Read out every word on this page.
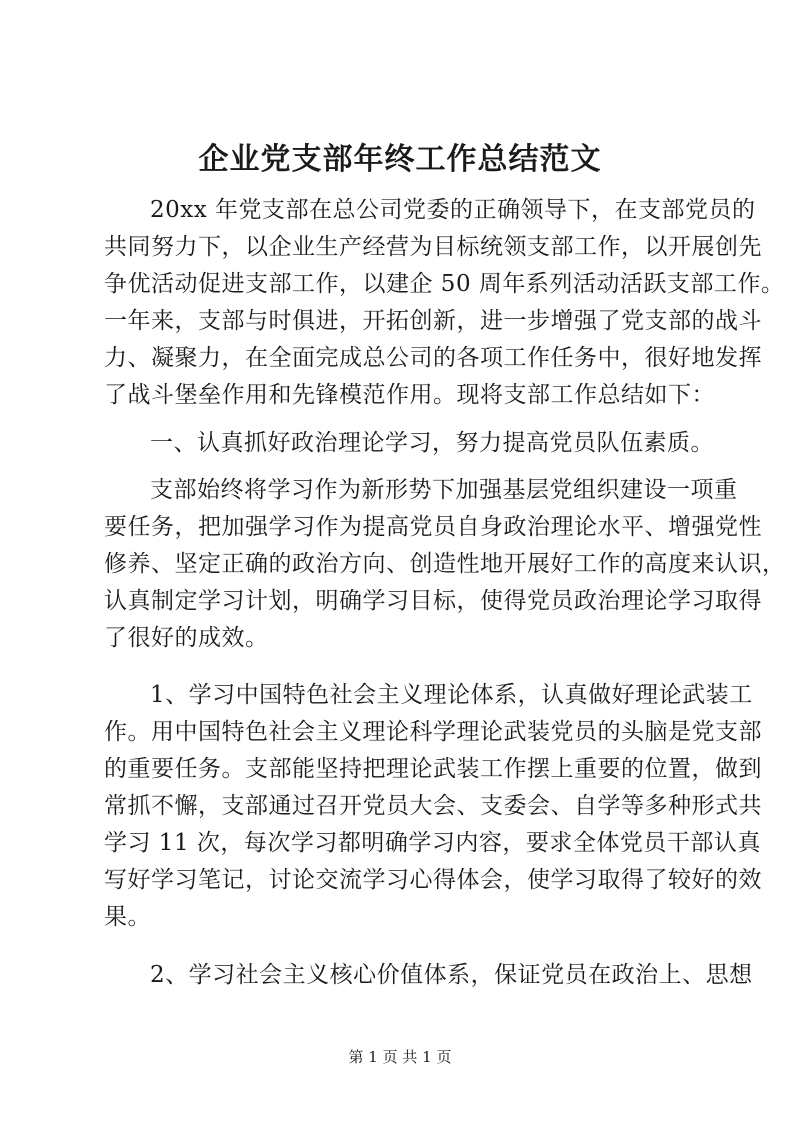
企业党支部年终工作总结范文
20xx 年党支部在总公司党委的正确领导下，在支部党员的
共同努力下，以企业生产经营为目标统领支部工作，以开展创先
争优活动促进支部工作，以建企 50 周年系列活动活跃支部工作。
一年来，支部与时俱进，开拓创新，进一步增强了党支部的战斗
力、凝聚力，在全面完成总公司的各项工作任务中，很好地发挥
了战斗堡垒作用和先锋模范作用。现将支部工作总结如下：
一、认真抓好政治理论学习，努力提高党员队伍素质。
支部始终将学习作为新形势下加强基层党组织建设一项重
要任务，把加强学习作为提高党员自身政治理论水平、增强党性
修养、坚定正确的政治方向、创造性地开展好工作的高度来认识，
认真制定学习计划，明确学习目标，使得党员政治理论学习取得
了很好的成效。
1、学习中国特色社会主义理论体系，认真做好理论武装工
作。用中国特色社会主义理论科学理论武装党员的头脑是党支部
的重要任务。支部能坚持把理论武装工作摆上重要的位置，做到
常抓不懈，支部通过召开党员大会、支委会、自学等多种形式共
学习 11 次，每次学习都明确学习内容，要求全体党员干部认真
写好学习笔记，讨论交流学习心得体会，使学习取得了较好的效
果。
2、学习社会主义核心价值体系，保证党员在政治上、思想
第 1 页 共 1 页
